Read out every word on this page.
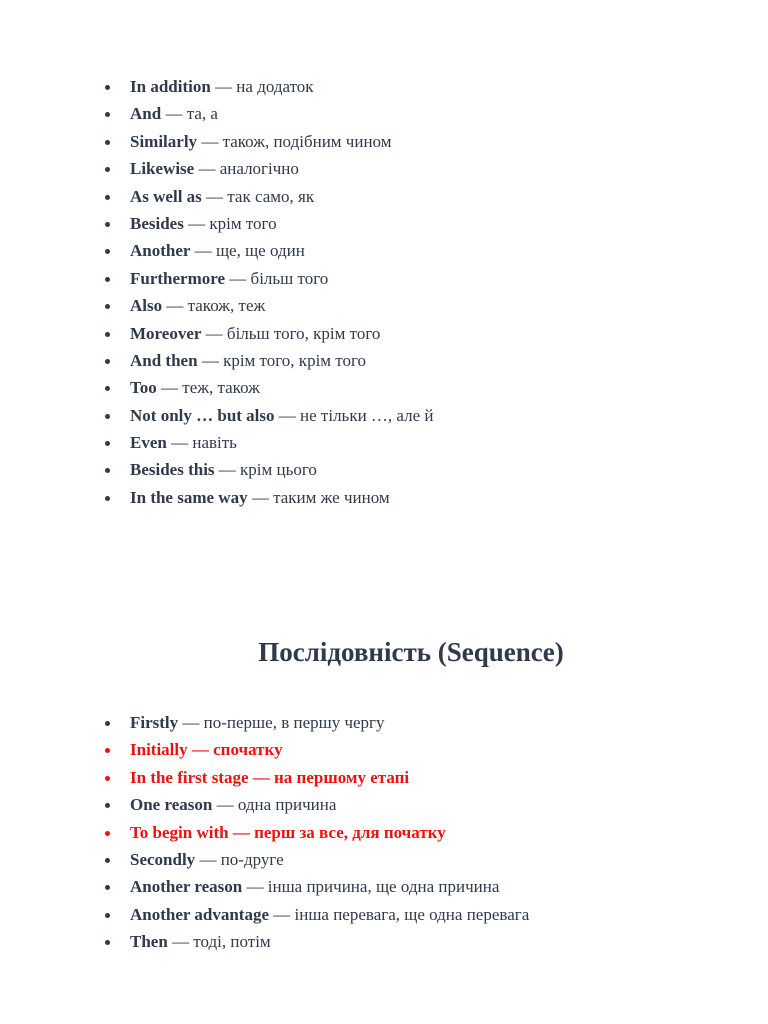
In addition — на додаток
And — та, а
Similarly — також, подібним чином
Likewise — аналогічно
As well as — так само, як
Besides — крім того
Another — ще, ще один
Furthermore — більш того
Also — також, теж
Moreover — більш того, крім того
And then — крім того, крім того
Too — теж, також
Not only … but also — не тільки …, але й
Even — навіть
Besides this — крім цього
In the same way — таким же чином
Послідовність (Sequence)
Firstly — по-перше, в першу чергу
Initially — спочатку
In the first stage — на першому етапі
One reason — одна причина
To begin with — перш за все, для початку
Secondly — по-друге
Another reason — інша причина, ще одна причина
Another advantage — інша перевага, ще одна перевага
Then — тоді, потім
